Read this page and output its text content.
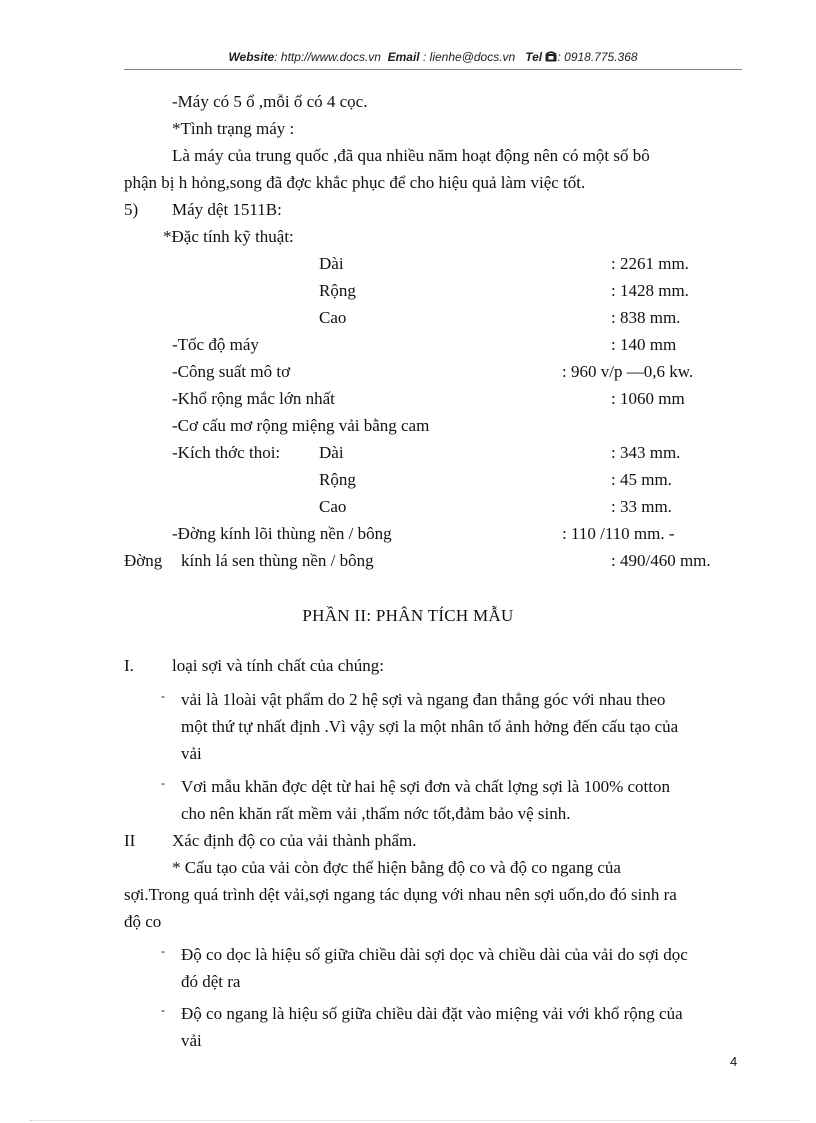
Website: http://www.docs.vn Email : lienhe@docs.vn Tel : 0918.775.368
-Máy có 5 ổ ,mỗi ổ có 4 cọc.
*Tình trạng máy :
Là máy của trung quốc ,đã qua nhiều năm hoạt động nên có một số bô
phận bị h hỏng,song đã đợc khắc phục để cho hiệu quả làm việc tốt.
5) Máy dệt 1511B:
*Đặc tính kỹ thuật:
Dài	: 2261 mm.
Rộng	: 1428 mm.
Cao	: 838 mm.
-Tốc độ máy	: 140 mm
-Công suất mô tơ	: 960 v/p —0,6 kw.
-Khổ rộng mắc lớn nhất	: 1060 mm
-Cơ cấu mơ rộng miệng vải bằng cam
-Kích thớc thoi: Dài	: 343 mm.
Rộng	: 45 mm.
Cao	: 33 mm.
-Đờng kính lõi thùng nền / bông	: 110 /110 mm. -
Đờng kính lá sen thùng nền / bông	: 490/460 mm.
PHẦN II: PHÂN TÍCH MẪU
I. loại sợi và tính chất của chúng:
- vải là 1loài vật phẩm do 2 hệ sợi và ngang đan thẳng góc với nhau theo
một thứ tự nhất định .Vì vậy sợi la một nhân tố ảnh hởng đến cấu tạo của
vải
- Vơi mẫu khăn đợc dệt từ hai hệ sợi đơn và chất lợng sợi là 100% cotton
cho nên khăn rất mềm vải ,thấm nớc tốt,đảm bảo vệ sinh.
II Xác định độ co của vải thành phẩm.
* Cấu tạo của vải còn đợc thể hiện bằng độ co và độ co ngang của
sợi.Trong quá trình dệt vải,sợi ngang tác dụng với nhau nên sợi uốn,do đó sinh ra
độ co
- Độ co dọc là hiệu số giữa chiều dài sợi dọc và chiều dài của vải do sợi dọc
đó dệt ra
- Độ co ngang là hiệu số giữa chiều dài đặt vào miệng vải với khổ rộng của
vải
4
